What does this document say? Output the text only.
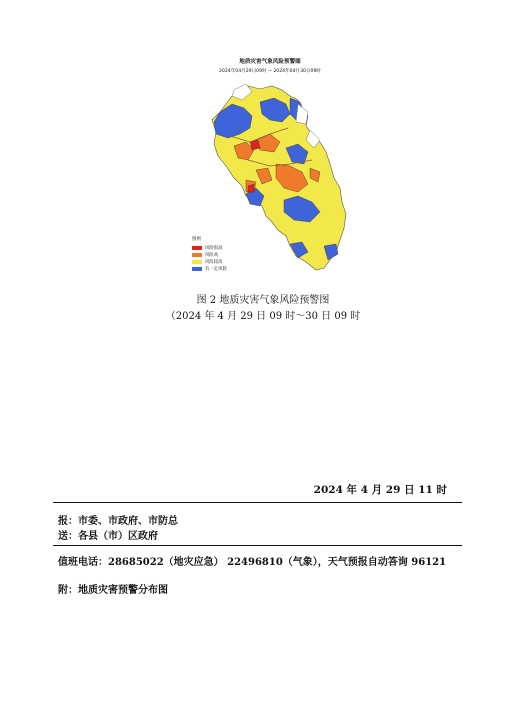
地质灾害气象风险预警图
2024年04月29日09时 ~ 2024年04月30日09时
图例
风险很高
风险高
风险较高
有一定风险
图 2 地质灾害气象风险预警图
（2024 年 4 月 29 日 09 时～30 日 09 时
2024 年 4 月 29 日 11 时
报：市委、市政府、市防总
送：各县（市）区政府
值班电话：28685022（地灾应急） 22496810（气象），天气预报自动答询 96121
附：地质灾害预警分布图
